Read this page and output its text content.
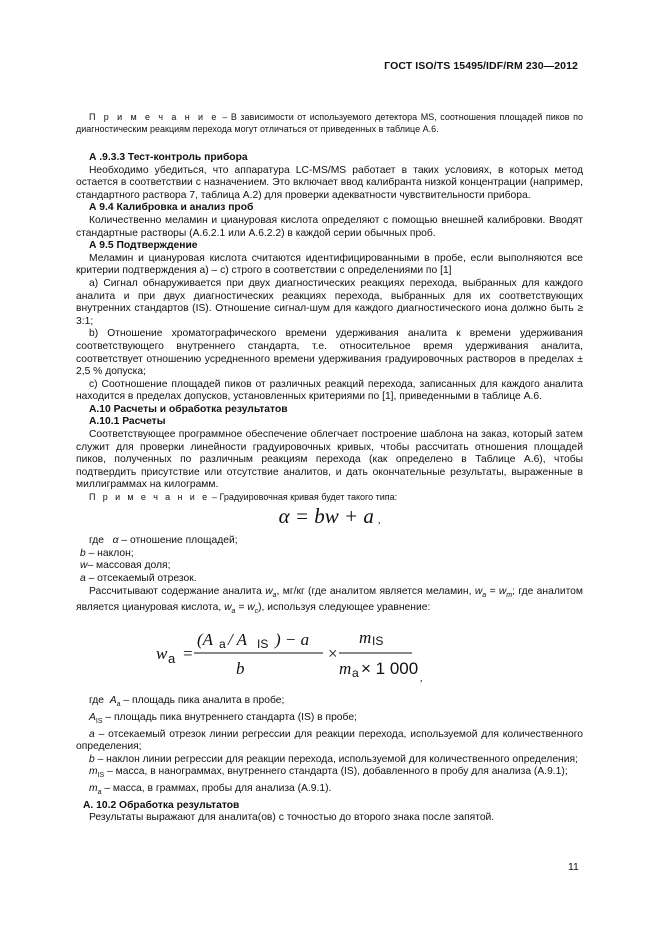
ГОСТ ISO/TS 15495/IDF/RM 230—2012

П р и м е ч а н и е – В зависимости от используемого детектора MS, соотношения площадей пиков по диагностическим реакциям перехода могут отличаться от приведенных в таблице А.6.

А .9.3.3 Тест-контроль прибора

Необходимо убедиться, что аппаратура LC-MS/MS работает в таких условиях, в которых метод остается в соответствии с назначением. Это включает ввод калибранта низкой концентрации (например, стандартного раствора 7, таблица А.2) для проверки адекватности чувствительности прибора.

А 9.4 Калибровка и анализ проб

Количественно меламин и циануровая кислота определяют с помощью внешней калибровки. Вводят стандартные растворы (А.6.2.1 или А.6.2.2) в каждой серии обычных проб.

А 9.5 Подтверждение

Меламин и циануровая кислота считаются идентифицированными в пробе, если выполняются все критерии подтверждения а) – с) строго в соответствии с определениями по [1]

а) Сигнал обнаруживается при двух диагностических реакциях перехода, выбранных для каждого аналита и при двух диагностических реакциях перехода, выбранных для их соответствующих внутренних стандартов (IS). Отношение сигнал-шум для каждого диагностического иона должно быть ≥ 3:1;

b) Отношение хроматографического времени удерживания аналита к времени удерживания соответствующего внутреннего стандарта, т.е. относительное время удерживания аналита, соответствует отношению усредненного времени удерживания градуировочных растворов в пределах ± 2,5 % допуска;

с) Соотношение площадей пиков от различных реакций перехода, записанных для каждого аналита находится в пределах допусков, установленных критериями по [1], приведенными в таблице А.6.

А.10 Расчеты и обработка результатов

А.10.1 Расчеты

Соответствующее программное обеспечение облегчает построение шаблона на заказ, который затем служит для проверки линейности градуировочных кривых, чтобы рассчитать отношения площадей пиков, полученных по различным реакциям перехода (как определено в Таблице А.6), чтобы подтвердить присутствие или отсутствие аналитов, и дать окончательные результаты, выраженные в миллиграммах на килограмм.

П р и м е ч а н и е – Градуировочная кривая будет такого типа:

α = bw + a ,

где α – отношение площадей;

b – наклон;

w– массовая доля;

a – отсекаемый отрезок.

Рассчитывают содержание аналита $w_a$, мг/кг (где аналитом является меламин, $w_a = w_m$; где аналитом является циануровая кислота, $w_a = w_c$), используя следующее уравнение:

w a =
(A a / A IS ) − a
b
×
m IS
m a × 1 000
,

где $A_a$ – площадь пика аналита в пробе;

$A_{IS}$ – площадь пика внутреннего стандарта (IS) в пробе;

a – отсекаемый отрезок линии регрессии для реакции перехода, используемой для количественного определения;

b – наклон линии регрессии для реакции перехода, используемой для количественного определения;

$m_{IS}$ – масса, в нанограммах, внутреннего стандарта (IS), добавленного в пробу для анализа (А.9.1);

$m_a$ – масса, в граммах, пробы для анализа (А.9.1).

А. 10.2 Обработка результатов

Результаты выражают для аналита(ов) с точностью до второго знака после запятой.

11
